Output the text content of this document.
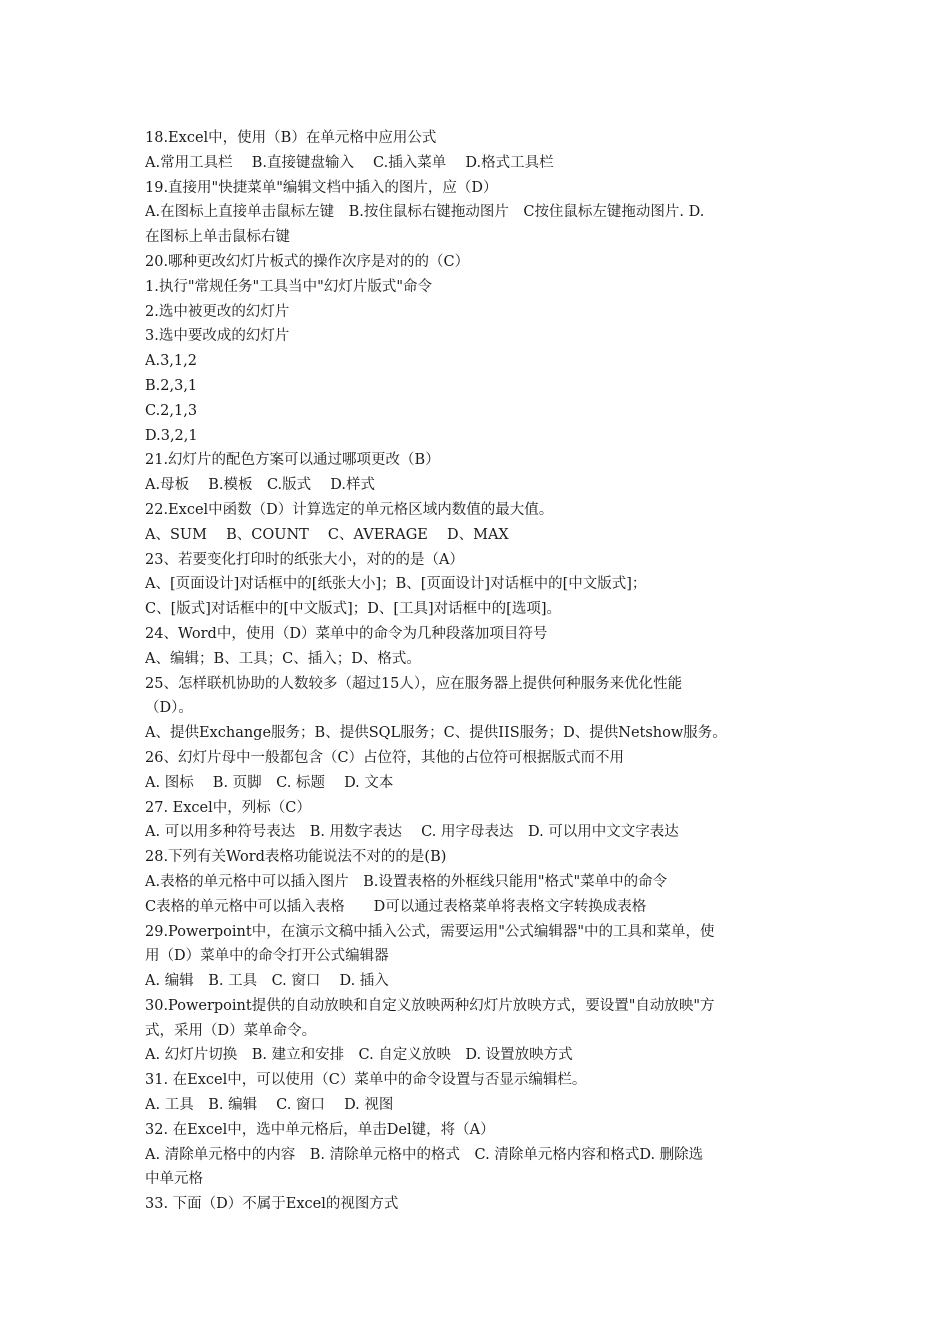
18.Excel中，使用（B）在单元格中应用公式
A.常用工具栏　 B.直接键盘输入　 C.插入菜单　 D.格式工具栏
19.直接用"快捷菜单"编辑文档中插入的图片，应（D）
A.在图标上直接单击鼠标左键　B.按住鼠标右键拖动图片　C按住鼠标左键拖动图片. D.
在图标上单击鼠标右键
20.哪种更改幻灯片板式的操作次序是对的的（C）
1.执行"常规任务"工具当中"幻灯片版式"命令
2.选中被更改的幻灯片
3.选中要改成的幻灯片
A.3,1,2
B.2,3,1
C.2,1,3
D.3,2,1
21.幻灯片的配色方案可以通过哪项更改（B）
A.母板　 B.模板　C.版式　 D.样式
22.Excel中函数（D）计算选定的单元格区域内数值的最大值。
A、SUM　 B、COUNT　 C、AVERAGE　 D、MAX
23、若要变化打印时的纸张大小，对的的是（A）
A、[页面设计]对话框中的[纸张大小]；B、[页面设计]对话框中的[中文版式]；
C、[版式]对话框中的[中文版式]；D、[工具]对话框中的[选项]。
24、Word中，使用（D）菜单中的命令为几种段落加项目符号
A、编辑；B、工具；C、插入；D、格式。
25、怎样联机协助的人数较多（超过15人），应在服务器上提供何种服务来优化性能
（D）。
A、提供Exchange服务；B、提供SQL服务；C、提供IIS服务；D、提供Netshow服务。
26、幻灯片母中一般都包含（C）占位符，其他的占位符可根据版式而不用
A. 图标　 B. 页脚　C. 标题　 D. 文本
27. Excel中，列标（C）
A. 可以用多种符号表达　B. 用数字表达　 C. 用字母表达　D. 可以用中文文字表达
28.下列有关Word表格功能说法不对的的是(B)
A.表格的单元格中可以插入图片　B.设置表格的外框线只能用"格式"菜单中的命令
C表格的单元格中可以插入表格　　D可以通过表格菜单将表格文字转换成表格
29.Powerpoint中，在演示文稿中插入公式，需要运用"公式编辑器"中的工具和菜单，使
用（D）菜单中的命令打开公式编辑器
A. 编辑　B. 工具　C. 窗口　 D. 插入
30.Powerpoint提供的自动放映和自定义放映两种幻灯片放映方式，要设置"自动放映"方
式，采用（D）菜单命令。
A. 幻灯片切换　B. 建立和安排　C. 自定义放映　D. 设置放映方式
31. 在Excel中，可以使用（C）菜单中的命令设置与否显示编辑栏。
A. 工具　B. 编辑　 C. 窗口　 D. 视图
32. 在Excel中，选中单元格后，单击Del键，将（A）
A. 清除单元格中的内容　B. 清除单元格中的格式　C. 清除单元格内容和格式D. 删除选
中单元格
33. 下面（D）不属于Excel的视图方式
